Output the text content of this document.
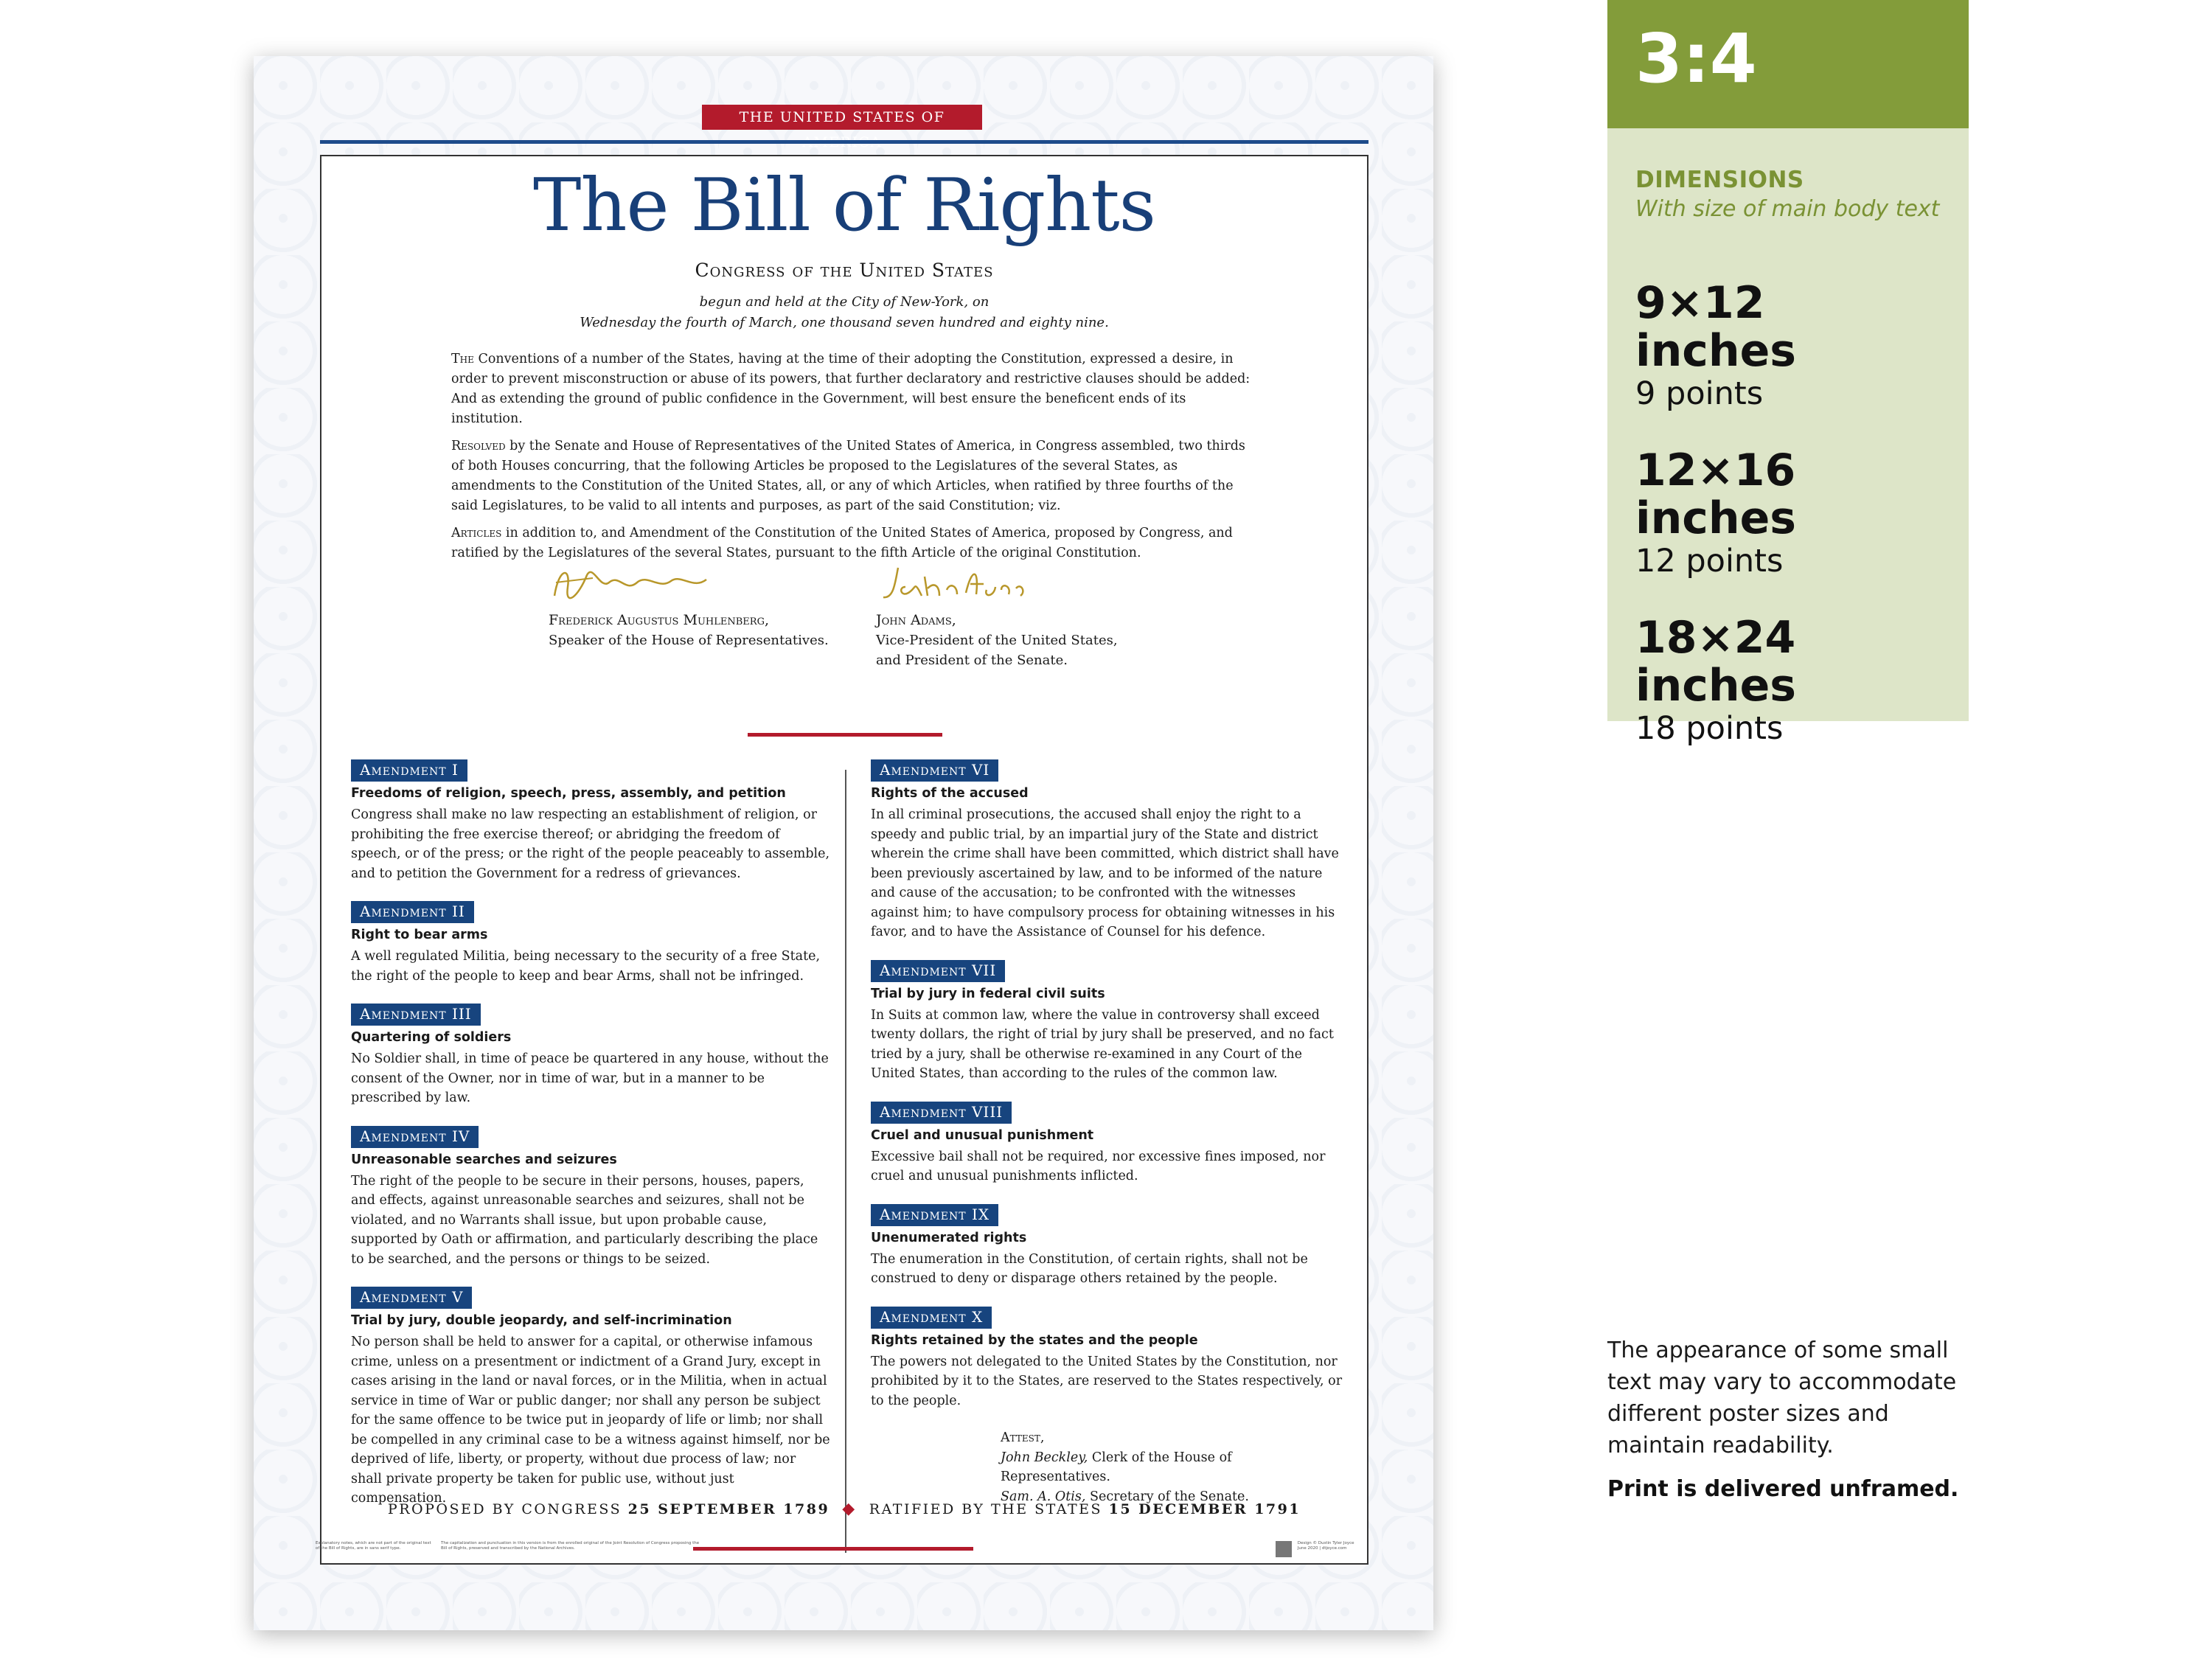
THE UNITED STATES OF
The Bill of Rights
Congress of the United States
begun and held at the City of New-York, on
Wednesday the fourth of March, one thousand seven hundred and eighty nine.

The Conventions of a number of the States, having at the time of their adopting the Constitution, expressed a desire, in order to prevent misconstruction or abuse of its powers, that further declaratory and restrictive clauses should be added: And as extending the ground of public confidence in the Government, will best ensure the beneficent ends of its institution.

Resolved by the Senate and House of Representatives of the United States of America, in Congress assembled, two thirds of both Houses concurring, that the following Articles be proposed to the Legislatures of the several States, as amendments to the Constitution of the United States, all, or any of which Articles, when ratified by three fourths of the said Legislatures, to be valid to all intents and purposes, as part of the said Constitution; viz.

Articles in addition to, and Amendment of the Constitution of the United States of America, proposed by Congress, and ratified by the Legislatures of the several States, pursuant to the fifth Article of the original Constitution.

Frederick Augustus Muhlenberg,
Speaker of the House of Representatives.
John Adams,
Vice-President of the United States,
and President of the Senate.
Amendment I
Freedoms of religion, speech, press, assembly, and petition
Congress shall make no law respecting an establishment of religion, or prohibiting the free exercise thereof; or abridging the freedom of speech, or of the press; or the right of the people peaceably to assemble, and to petition the Government for a redress of grievances.
Amendment II
Right to bear arms
A well regulated Militia, being necessary to the security of a free State, the right of the people to keep and bear Arms, shall not be infringed.
Amendment III
Quartering of soldiers
No Soldier shall, in time of peace be quartered in any house, without the consent of the Owner, nor in time of war, but in a manner to be prescribed by law.
Amendment IV
Unreasonable searches and seizures
The right of the people to be secure in their persons, houses, papers, and effects, against unreasonable searches and seizures, shall not be violated, and no Warrants shall issue, but upon probable cause, supported by Oath or affirmation, and particularly describing the place to be searched, and the persons or things to be seized.
Amendment V
Trial by jury, double jeopardy, and self-incrimination
No person shall be held to answer for a capital, or otherwise infamous crime, unless on a presentment or indictment of a Grand Jury, except in cases arising in the land or naval forces, or in the Militia, when in actual service in time of War or public danger; nor shall any person be subject for the same offence to be twice put in jeopardy of life or limb; nor shall be compelled in any criminal case to be a witness against himself, nor be deprived of life, liberty, or property, without due process of law; nor shall private property be taken for public use, without just compensation.
Amendment VI
Rights of the accused
In all criminal prosecutions, the accused shall enjoy the right to a speedy and public trial, by an impartial jury of the State and district wherein the crime shall have been committed, which district shall have been previously ascertained by law, and to be informed of the nature and cause of the accusation; to be confronted with the witnesses against him; to have compulsory process for obtaining witnesses in his favor, and to have the Assistance of Counsel for his defence.
Amendment VII
Trial by jury in federal civil suits
In Suits at common law, where the value in controversy shall exceed twenty dollars, the right of trial by jury shall be preserved, and no fact tried by a jury, shall be otherwise re-examined in any Court of the United States, than according to the rules of the common law.
Amendment VIII
Cruel and unusual punishment
Excessive bail shall not be required, nor excessive fines imposed, nor cruel and unusual punishments inflicted.
Amendment IX
Unenumerated rights
The enumeration in the Constitution, of certain rights, shall not be construed to deny or disparage others retained by the people.
Amendment X
Rights retained by the states and the people
The powers not delegated to the United States by the Constitution, nor prohibited by it to the States, are reserved to the States respectively, or to the people.
Attest,
John Beckley, Clerk of the House of Representatives.
Sam. A. Otis, Secretary of the Senate.
PROPOSED BY CONGRESS 25 SEPTEMBER 1789 ◆ RATIFIED BY THE STATES 15 DECEMBER 1791
Explanatory notes, which are not part of the original text of the Bill of Rights, are in sans serif type.
The capitalization and punctuation in this version is from the enrolled original of the Joint Resolution of Congress proposing the Bill of Rights, preserved and transcribed by the National Archives.
Design © Dustin Tyler Joyce
June 2020 | dtjoyce.com
3:4
DIMENSIONS
With size of main body text
9×12 inches
9 points
12×16 inches
12 points
18×24 inches
18 points
The appearance of some small text may vary to accommodate different poster sizes and maintain readability.
Print is delivered unframed.
